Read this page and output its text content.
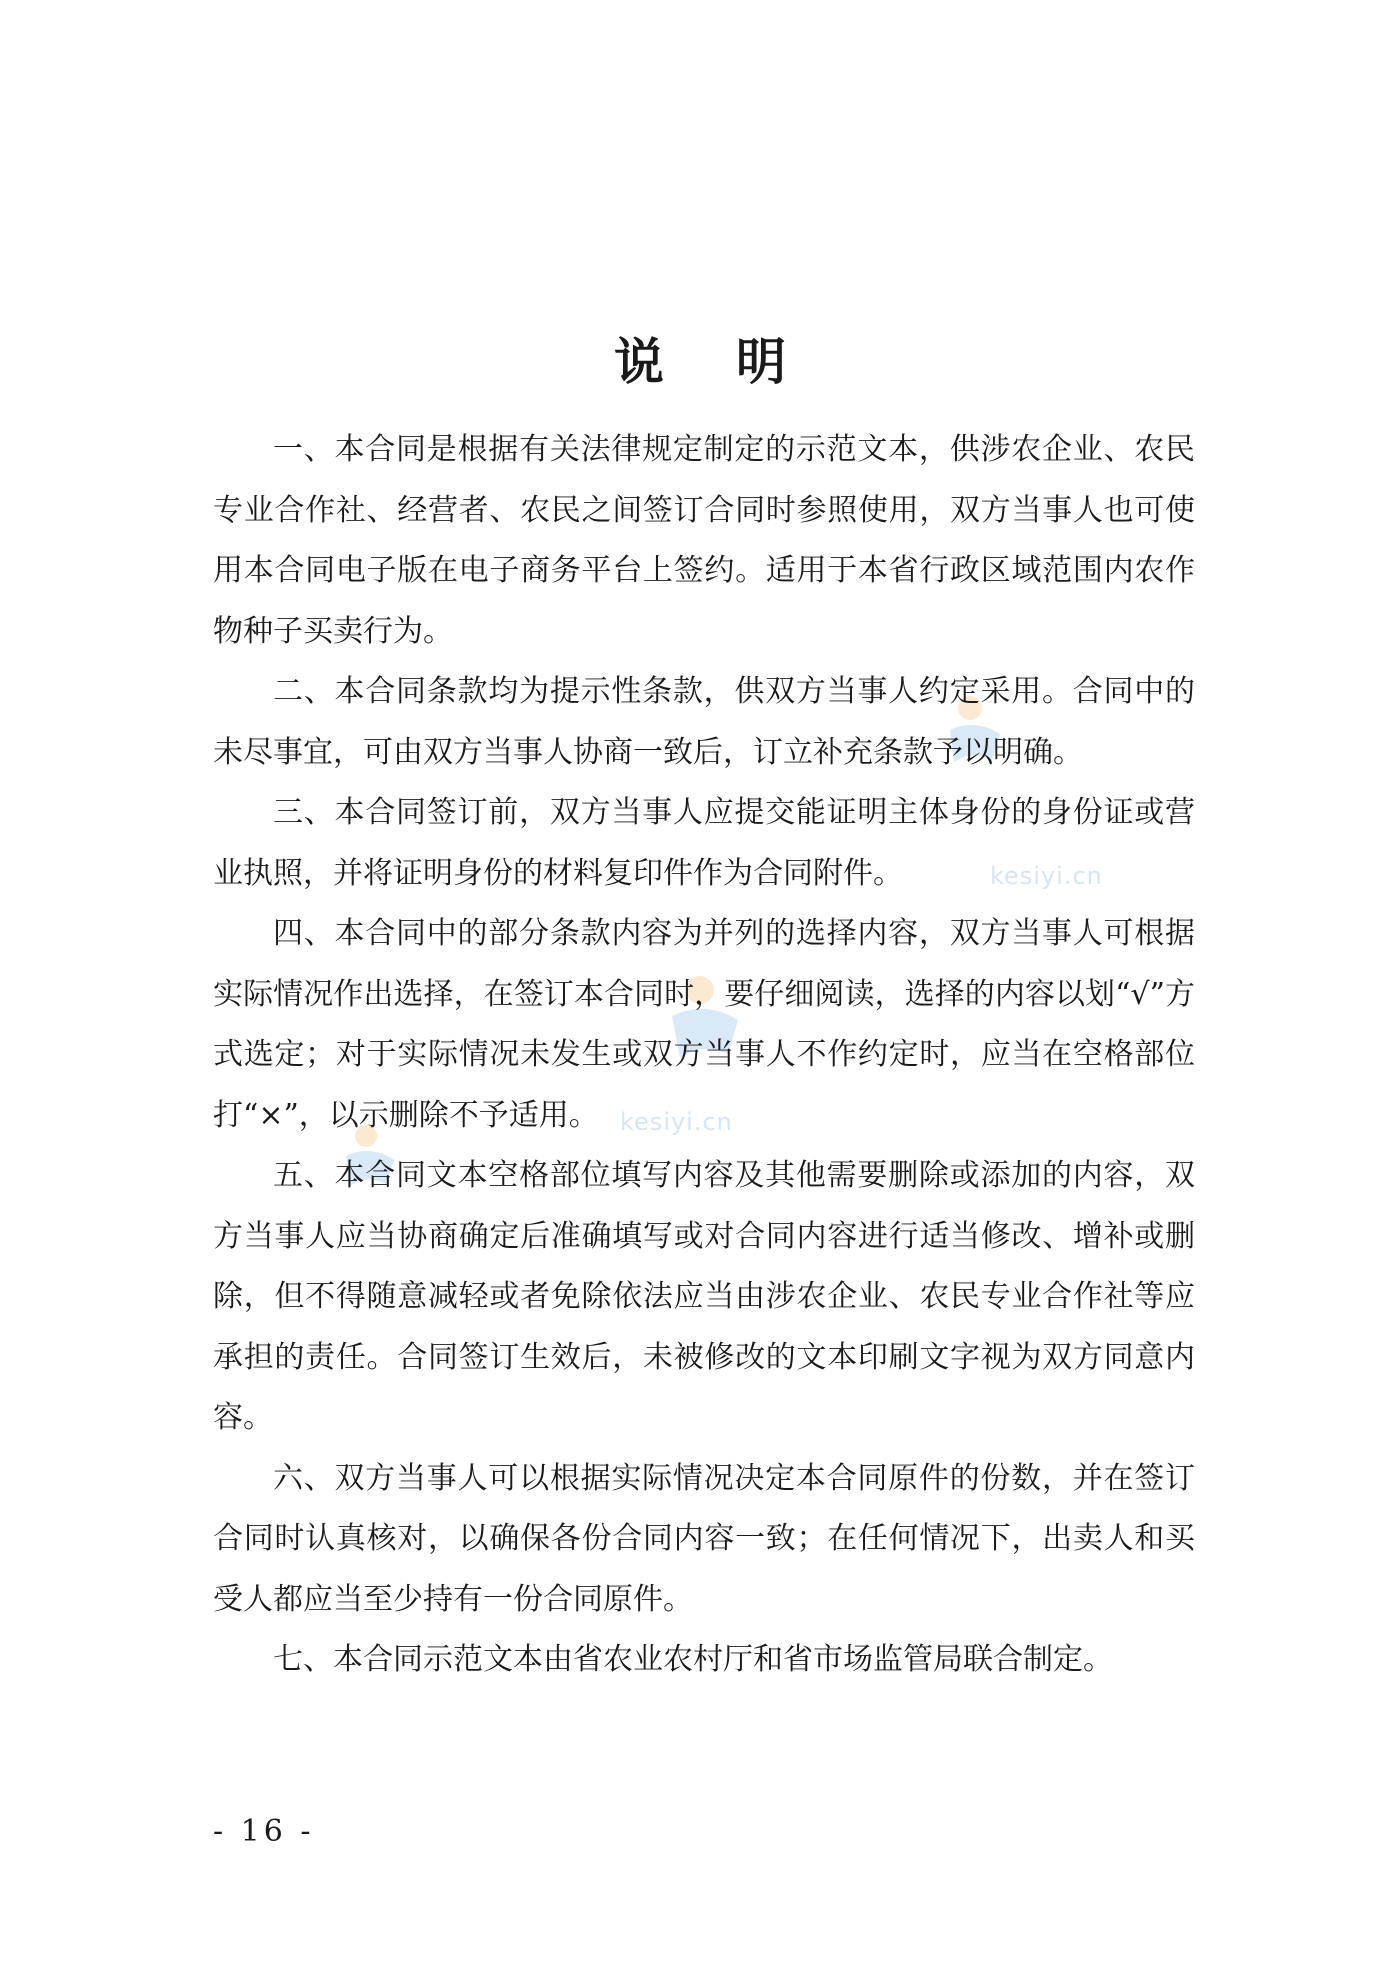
kesiyi.cn
kesiyi.cn
说明

一、本合同是根据有关法律规定制定的示范文本，供涉农企业、农民专业合作社、经营者、农民之间签订合同时参照使用，双方当事人也可使用本合同电子版在电子商务平台上签约。适用于本省行政区域范围内农作物种子买卖行为。

二、本合同条款均为提示性条款，供双方当事人约定采用。合同中的未尽事宜，可由双方当事人协商一致后，订立补充条款予以明确。

三、本合同签订前，双方当事人应提交能证明主体身份的身份证或营业执照，并将证明身份的材料复印件作为合同附件。

四、本合同中的部分条款内容为并列的选择内容，双方当事人可根据实际情况作出选择，在签订本合同时，要仔细阅读，选择的内容以划“√”方式选定；对于实际情况未发生或双方当事人不作约定时，应当在空格部位打“×”，以示删除不予适用。

五、本合同文本空格部位填写内容及其他需要删除或添加的内容，双方当事人应当协商确定后准确填写或对合同内容进行适当修改、增补或删除，但不得随意减轻或者免除依法应当由涉农企业、农民专业合作社等应承担的责任。合同签订生效后，未被修改的文本印刷文字视为双方同意内容。

六、双方当事人可以根据实际情况决定本合同原件的份数，并在签订合同时认真核对，以确保各份合同内容一致；在任何情况下，出卖人和买受人都应当至少持有一份合同原件。

七、本合同示范文本由省农业农村厅和省市场监管局联合制定。

- 16 -
